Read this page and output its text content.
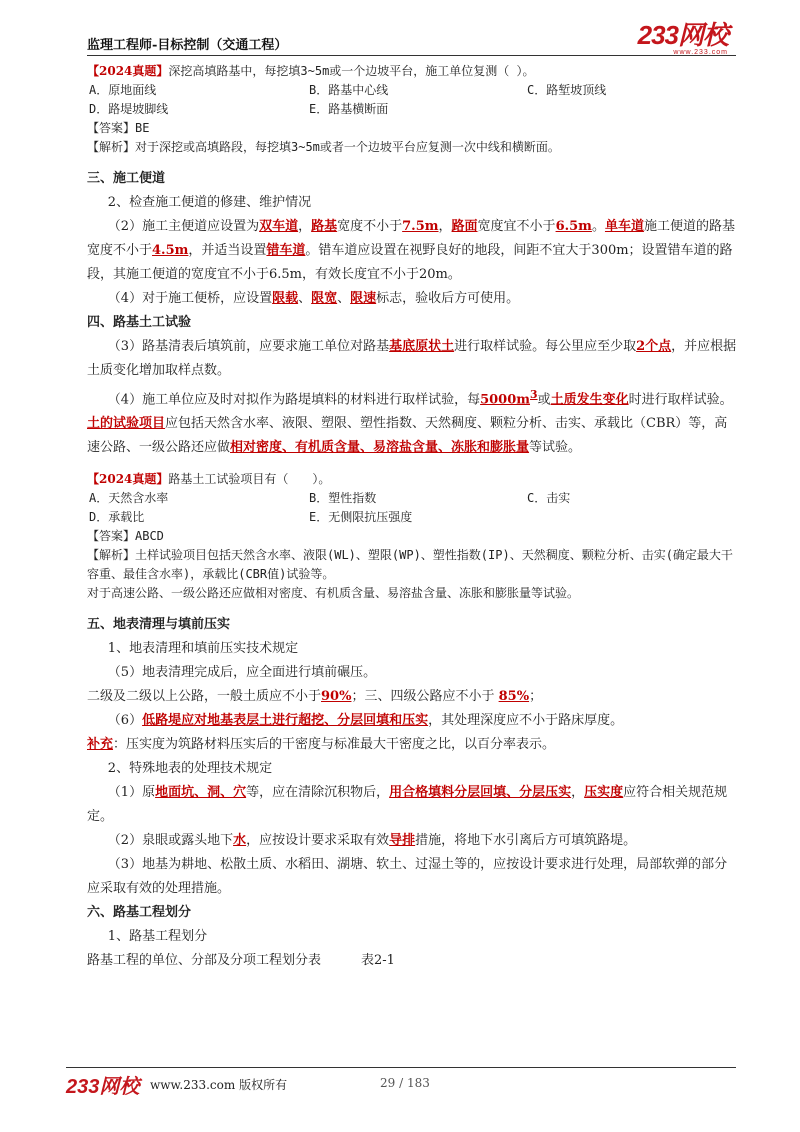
监理工程师-目标控制（交通工程）	233网校
www.233.com
【2024真题】深挖高填路基中，每挖填3~5m或一个边坡平台，施工单位复测（ ）。
A．原地面线	B．路基中心线	C．路堑坡顶线
D．路堤坡脚线	E．路基横断面
【答案】BE
【解析】对于深挖或高填路段，每挖填3~5m或者一个边坡平台应复测一次中线和横断面。
三、施工便道
2、检查施工便道的修建、维护情况
（2）施工主便道应设置为双车道，路基宽度不小于7.5m，路面宽度宜不小于6.5m。单车道施工便道的路基宽度不小于4.5m，并适当设置错车道。错车道应设置在视野良好的地段，间距不宜大于300m；设置错车道的路段，其施工便道的宽度宜不小于6.5m，有效长度宜不小于20m。
（4）对于施工便桥，应设置限载、限宽、限速标志，验收后方可使用。
四、路基土工试验
（3）路基清表后填筑前，应要求施工单位对路基基底原状土进行取样试验。每公里应至少取2个点，并应根据土质变化增加取样点数。
（4）施工单位应及时对拟作为路堤填料的材料进行取样试验，每$5000m^3$或土质发生变化时进行取样试验。土的试验项目应包括天然含水率、液限、塑限、塑性指数、天然稠度、颗粒分析、击实、承载比（CBR）等，高速公路、一级公路还应做相对密度、有机质含量、易溶盐含量、冻胀和膨胀量等试验。
【2024真题】路基土工试验项目有（　　）。
A．天然含水率	B．塑性指数	C．击实
D．承载比	E．无侧限抗压强度
【答案】ABCD
【解析】土样试验项目包括天然含水率、液限(WL)、塑限(WP)、塑性指数(IP)、天然稠度、颗粒分析、击实(确定最大干容重、最佳含水率)，承载比(CBR值)试验等。
对于高速公路、一级公路还应做相对密度、有机质含量、易溶盐含量、冻胀和膨胀量等试验。
五、地表清理与填前压实
1、地表清理和填前压实技术规定
（5）地表清理完成后，应全面进行填前碾压。
二级及二级以上公路，一般土质应不小于90%；三、四级公路应不小于 85%；
（6）低路堤应对地基表层土进行超挖、分层回填和压实，其处理深度应不小于路床厚度。
补充：压实度为筑路材料压实后的干密度与标准最大干密度之比，以百分率表示。
2、特殊地表的处理技术规定
（1）原地面坑、洞、穴等，应在清除沉积物后，用合格填料分层回填、分层压实，压实度应符合相关规范规定。
（2）泉眼或露头地下水，应按设计要求采取有效导排措施，将地下水引离后方可填筑路堤。
（3）地基为耕地、松散土质、水稻田、湖塘、软土、过湿土等的，应按设计要求进行处理，局部软弹的部分应采取有效的处理措施。
六、路基工程划分
1、路基工程划分
路基工程的单位、分部及分项工程划分表	表2-1
233网校 www.233.com 版权所有	29 / 183
